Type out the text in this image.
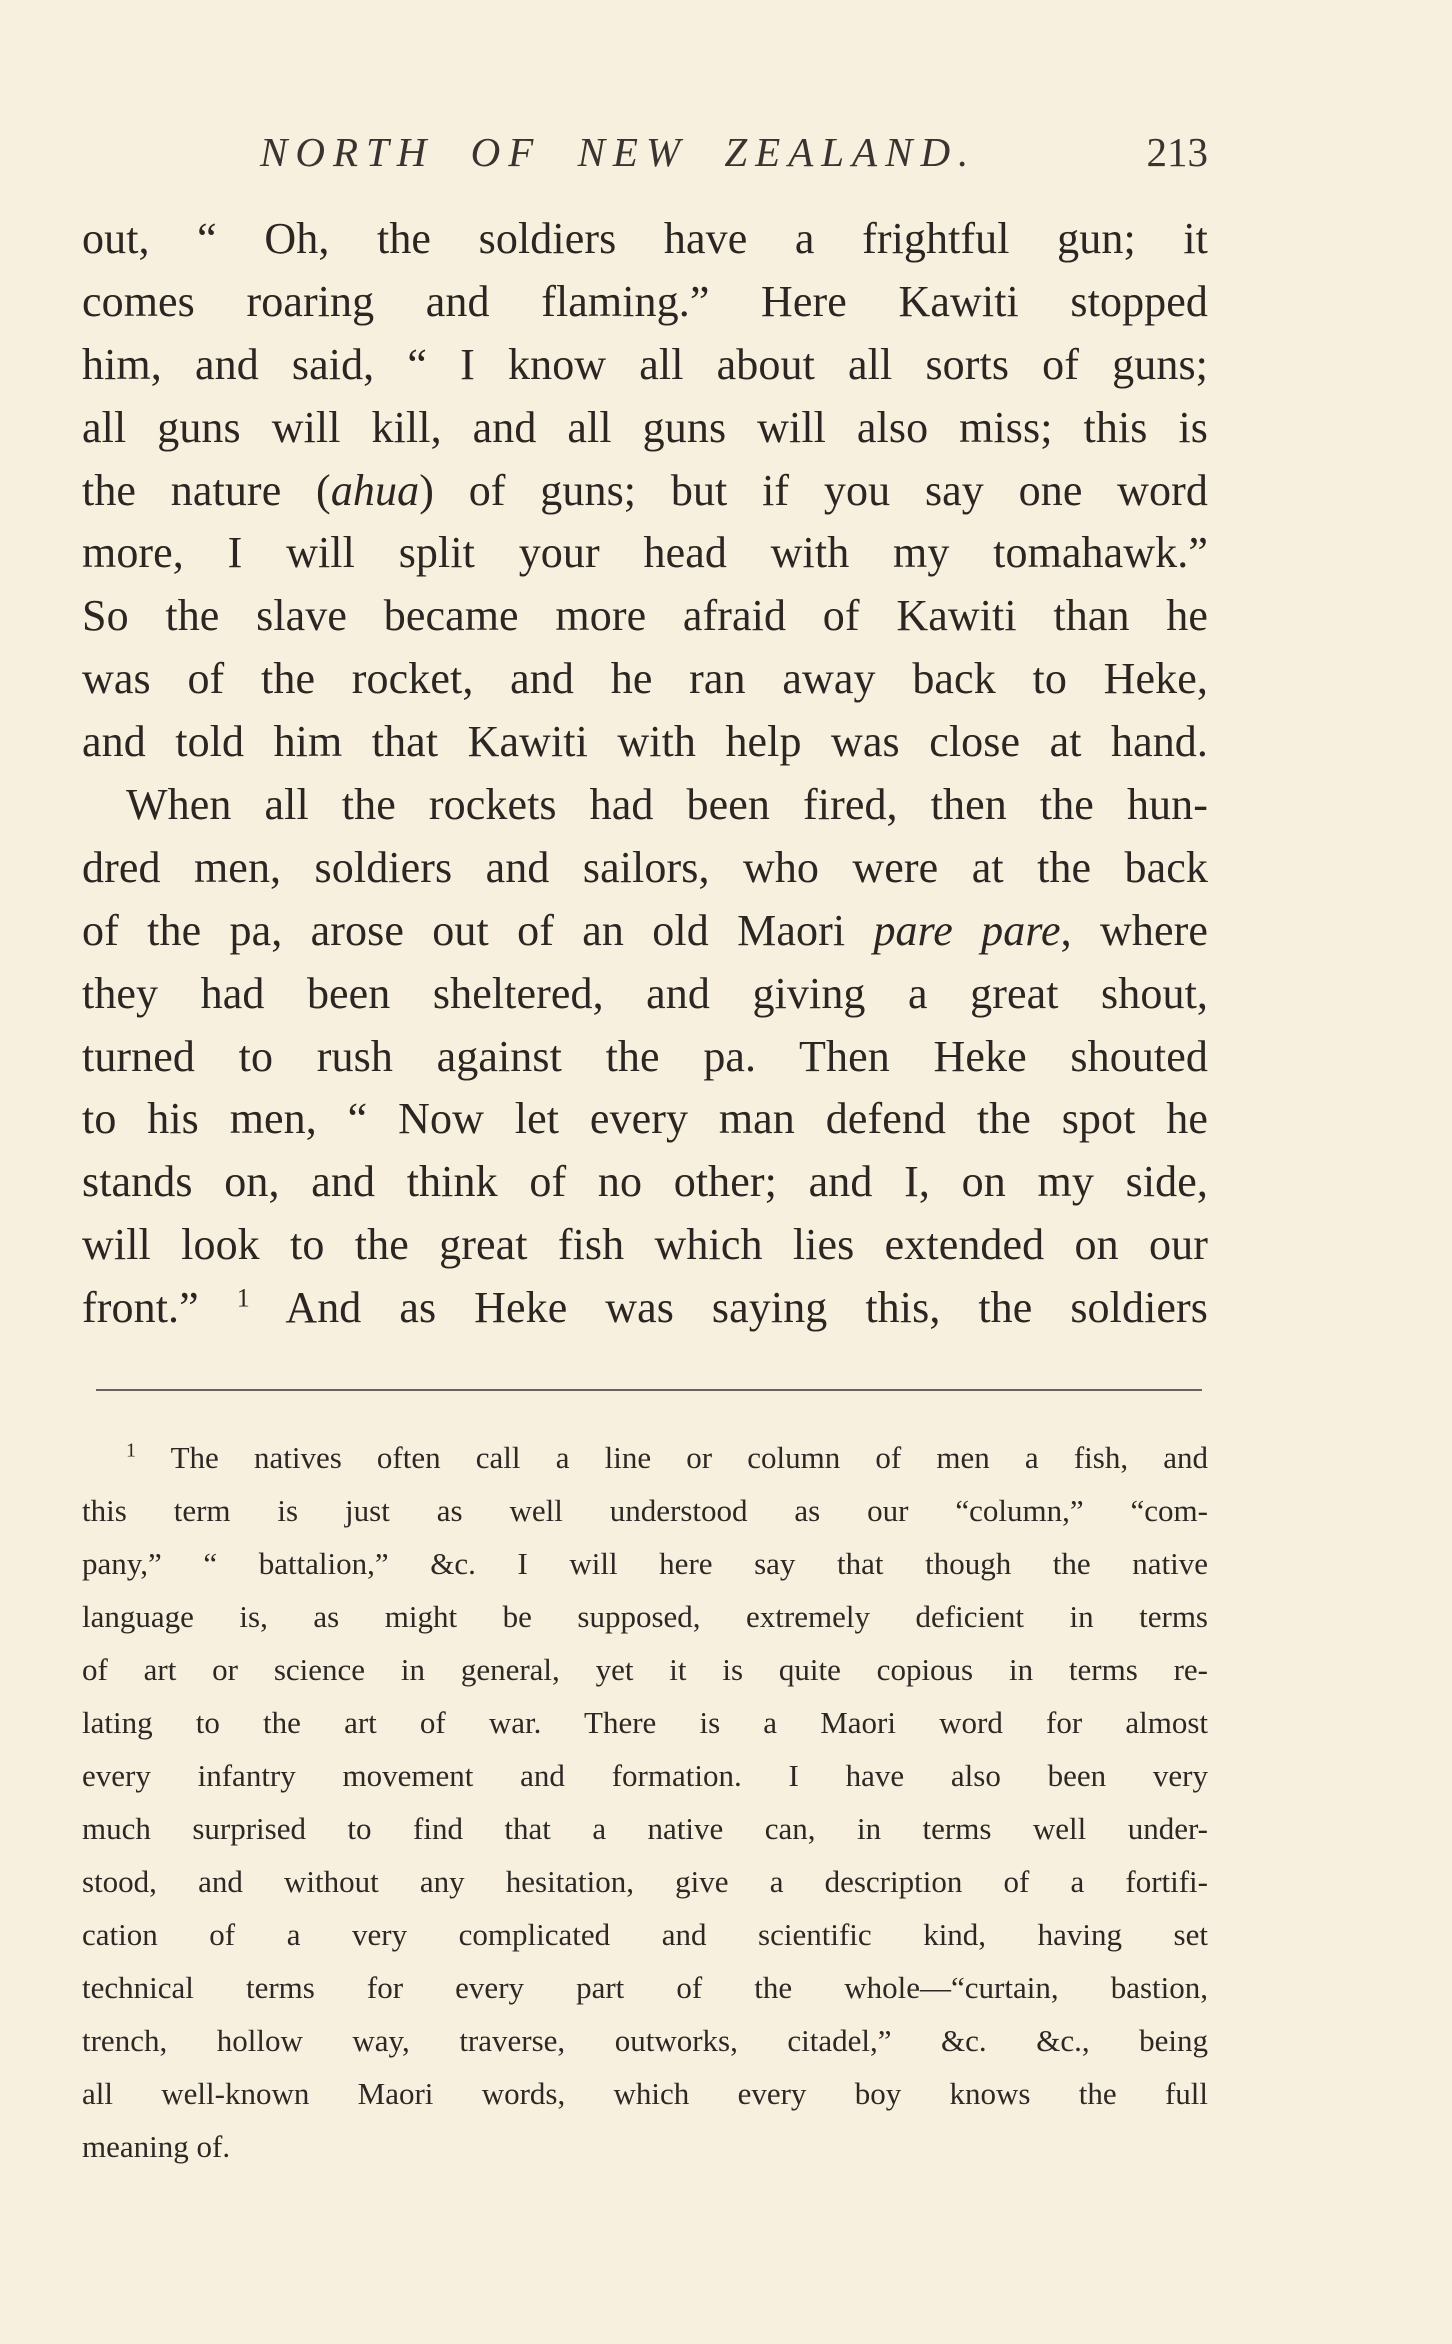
NORTH OF NEW ZEALAND.	213
out, “ Oh, the soldiers have a frightful gun; it
comes roaring and flaming.” Here Kawiti stopped
him, and said, “ I know all about all sorts of guns;
all guns will kill, and all guns will also miss; this is
the nature (ahua) of guns; but if you say one word
more, I will split your head with my tomahawk.”
So the slave became more afraid of Kawiti than he
was of the rocket, and he ran away back to Heke,
and told him that Kawiti with help was close at hand.
When all the rockets had been fired, then the hun-
dred men, soldiers and sailors, who were at the back
of the pa, arose out of an old Maori pare pare, where
they had been sheltered, and giving a great shout,
turned to rush against the pa. Then Heke shouted
to his men, “ Now let every man defend the spot he
stands on, and think of no other; and I, on my side,
will look to the great fish which lies extended on our
front.” $^1$ And as Heke was saying this, the soldiers
$^1$ The natives often call a line or column of men a fish, and
this term is just as well understood as our “column,” “com-
pany,” “ battalion,” &c. I will here say that though the native
language is, as might be supposed, extremely deficient in terms
of art or science in general, yet it is quite copious in terms re-
lating to the art of war. There is a Maori word for almost
every infantry movement and formation. I have also been very
much surprised to find that a native can, in terms well under-
stood, and without any hesitation, give a description of a fortifi-
cation of a very complicated and scientific kind, having set
technical terms for every part of the whole—“curtain, bastion,
trench, hollow way, traverse, outworks, citadel,” &c. &c., being
all well-known Maori words, which every boy knows the full
meaning of.
